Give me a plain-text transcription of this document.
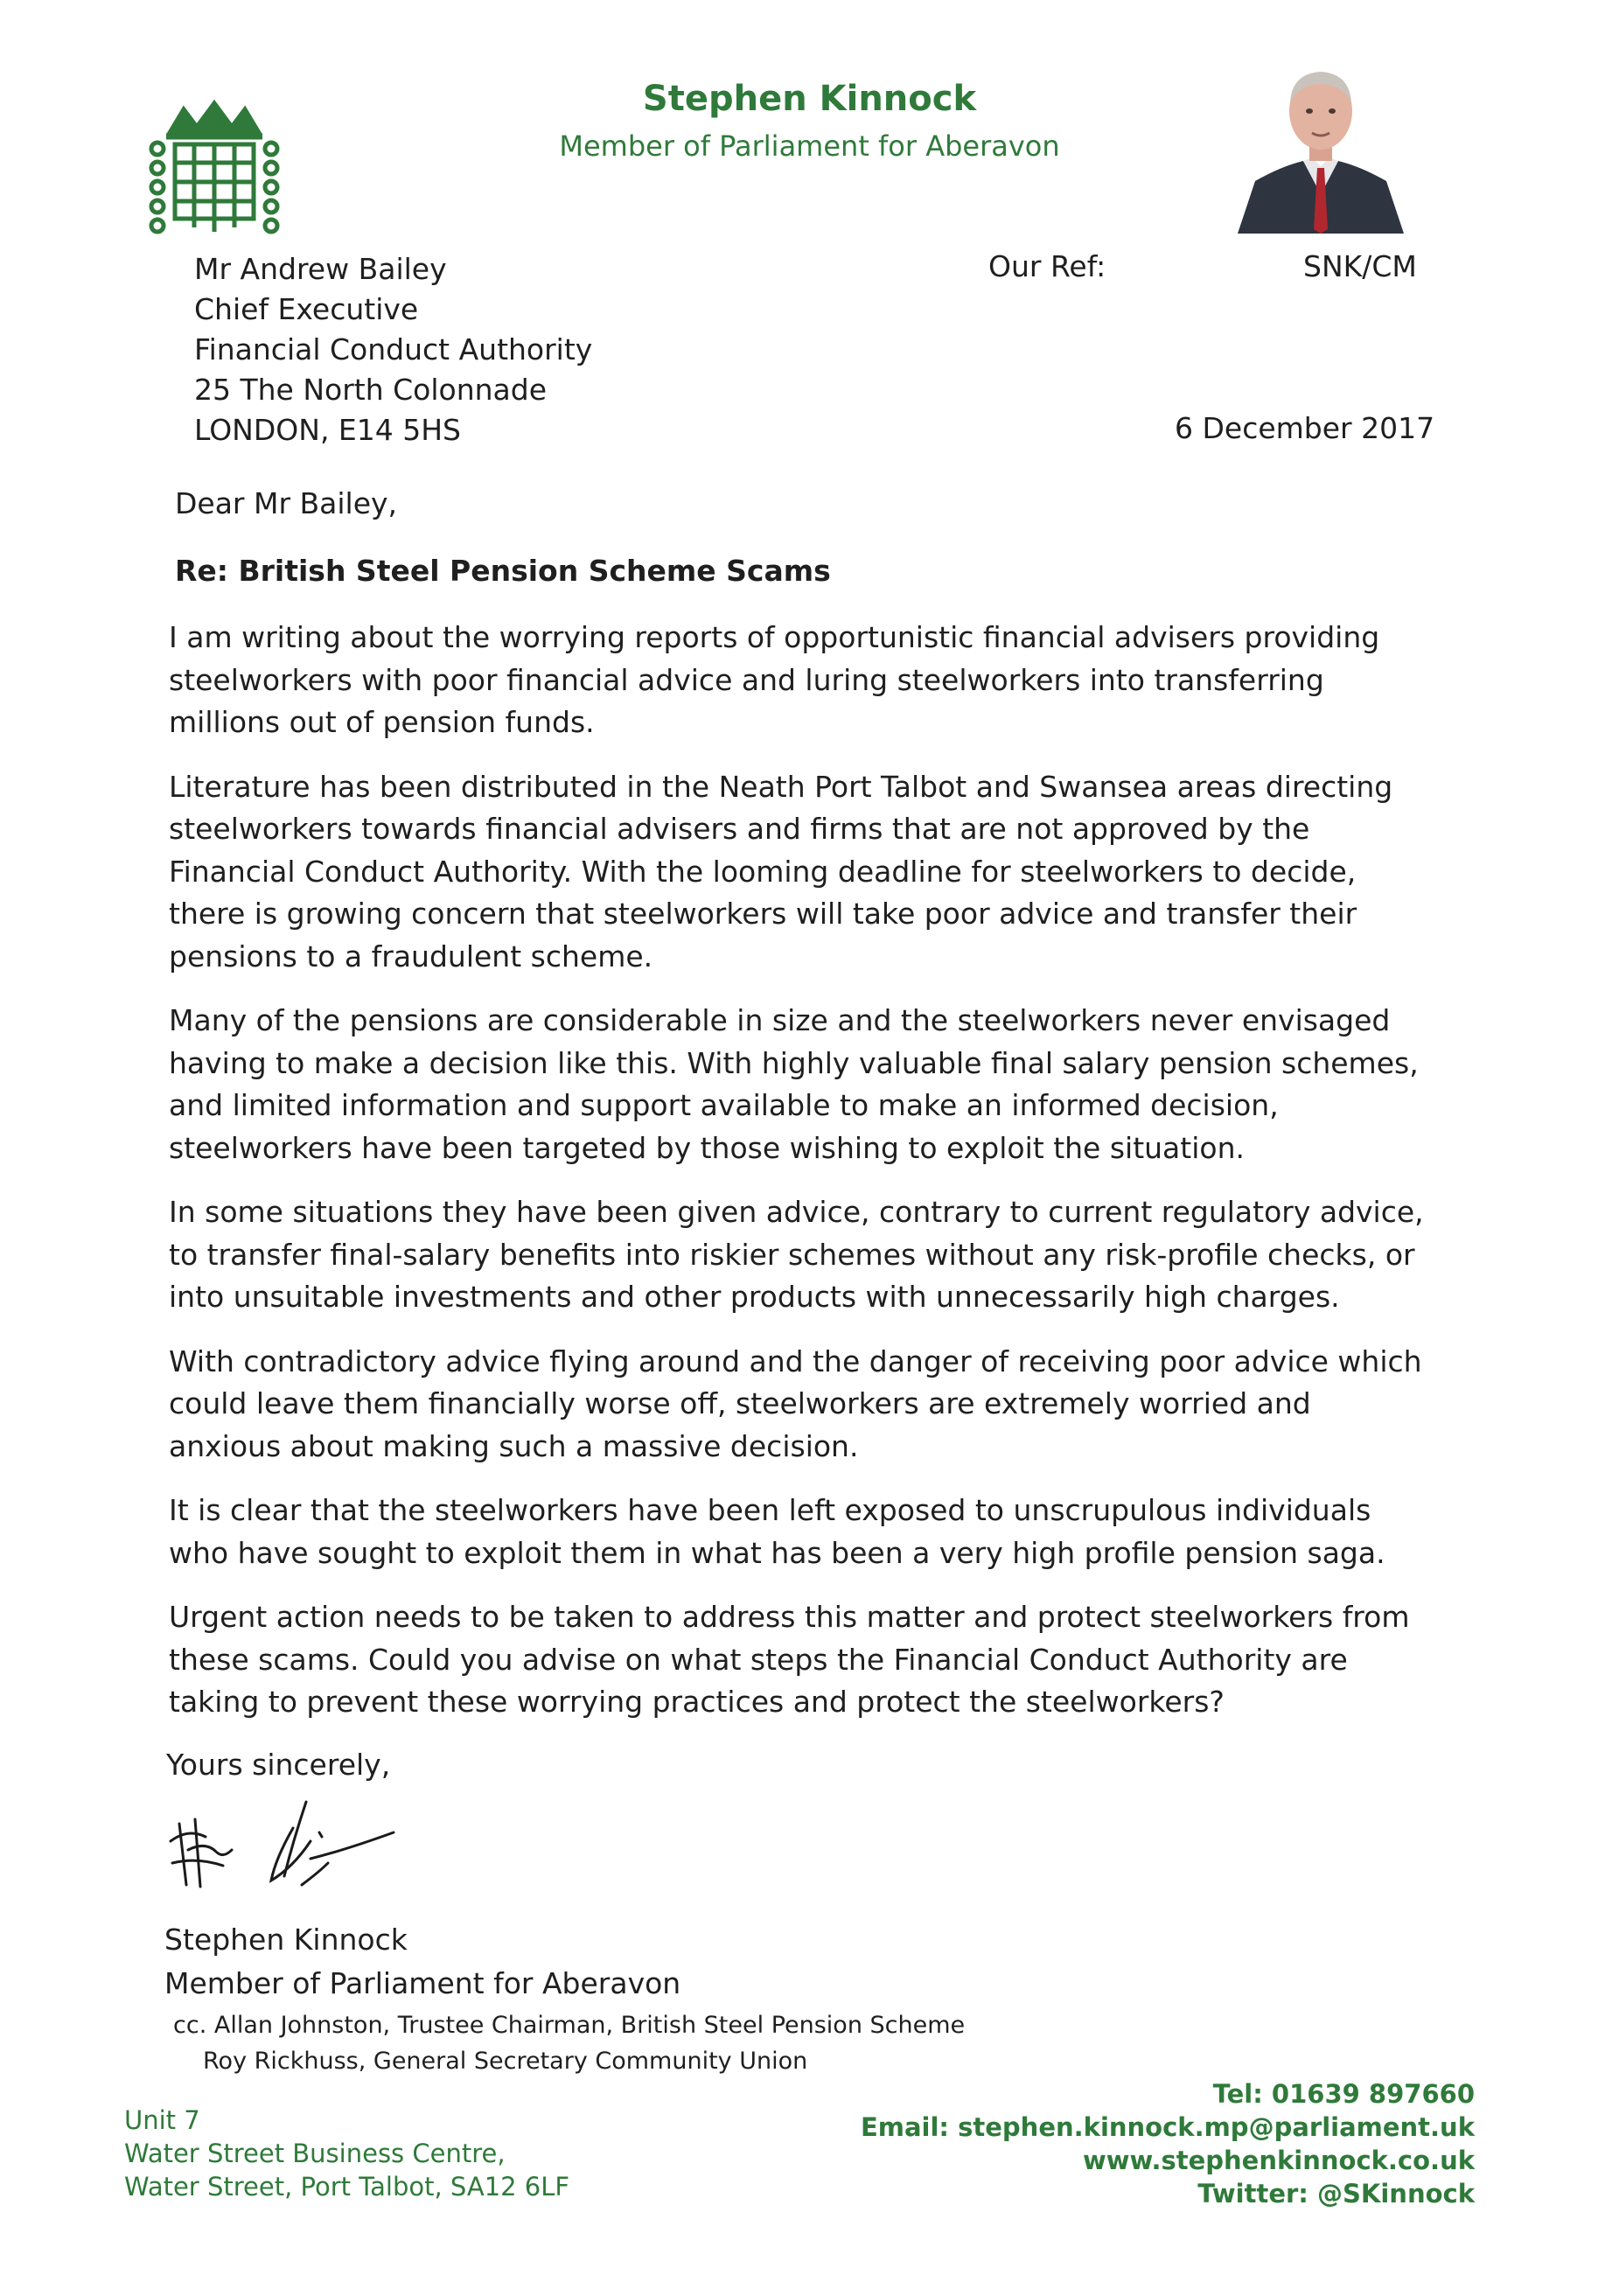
Stephen Kinnock
Member of Parliament for Aberavon
Mr Andrew Bailey
Chief Executive
Financial Conduct Authority
25 The North Colonnade
LONDON, E14 5HS
Our Ref:	SNK/CM
6 December 2017
Dear Mr Bailey,
Re: British Steel Pension Scheme Scams

I am writing about the worrying reports of opportunistic financial advisers providing steelworkers with poor financial advice and luring steelworkers into transferring millions out of pension funds.

Literature has been distributed in the Neath Port Talbot and Swansea areas directing steelworkers towards financial advisers and firms that are not approved by the Financial Conduct Authority. With the looming deadline for steelworkers to decide, there is growing concern that steelworkers will take poor advice and transfer their pensions to a fraudulent scheme.

Many of the pensions are considerable in size and the steelworkers never envisaged having to make a decision like this. With highly valuable final salary pension schemes, and limited information and support available to make an informed decision, steelworkers have been targeted by those wishing to exploit the situation.

In some situations they have been given advice, contrary to current regulatory advice, to transfer final-salary benefits into riskier schemes without any risk-profile checks, or into unsuitable investments and other products with unnecessarily high charges.

With contradictory advice flying around and the danger of receiving poor advice which could leave them financially worse off, steelworkers are extremely worried and anxious about making such a massive decision.

It is clear that the steelworkers have been left exposed to unscrupulous individuals who have sought to exploit them in what has been a very high profile pension saga.

Urgent action needs to be taken to address this matter and protect steelworkers from these scams. Could you advise on what steps the Financial Conduct Authority are taking to prevent these worrying practices and protect the steelworkers?

Yours sincerely,
Stephen Kinnock
Member of Parliament for Aberavon
cc. Allan Johnston, Trustee Chairman, British Steel Pension Scheme
Roy Rickhuss, General Secretary Community Union
Unit 7
Water Street Business Centre,
Water Street, Port Talbot, SA12 6LF
Tel: 01639 897660
Email: stephen.kinnock.mp@parliament.uk
www.stephenkinnock.co.uk
Twitter: @SKinnock
